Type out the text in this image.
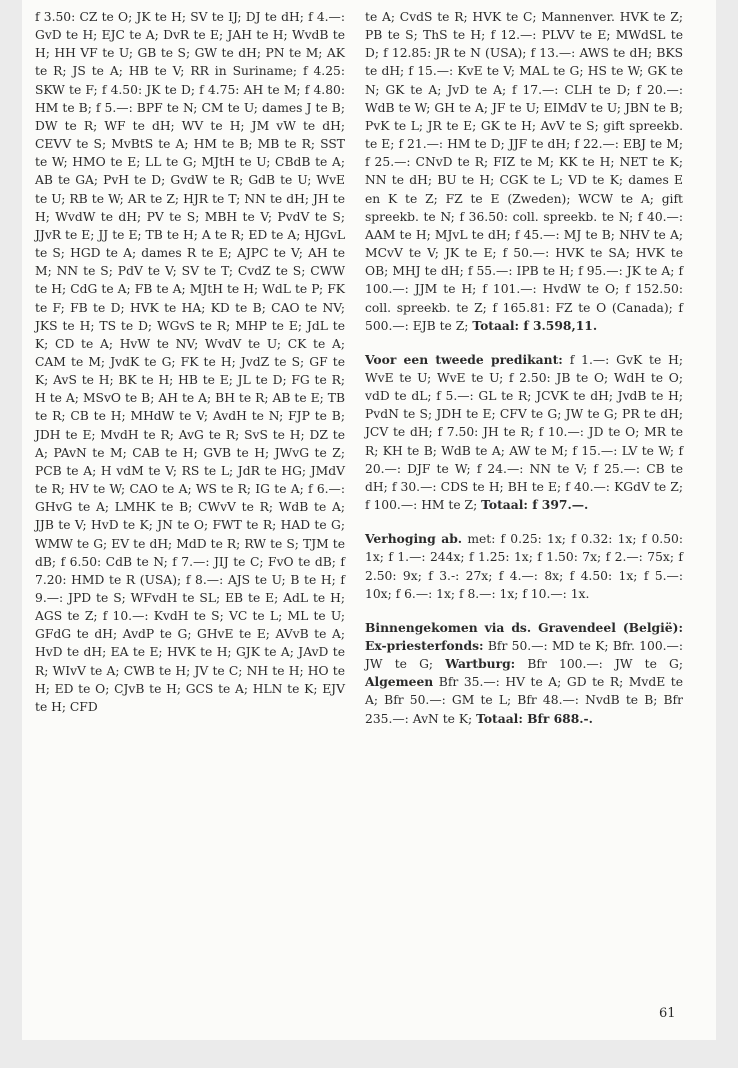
f 3.50: CZ te O; JK te H; SV te IJ; DJ te dH; f 4.—: GvD te H; EJC te A; DvR te E; JAH te H; WvdB te H; HH VF te U; GB te S; GW te dH; PN te M; AK te R; JS te A; HB te V; RR in Suriname; f 4.25: SKW te F; f 4.50: JK te D; f 4.75: AH te M; f 4.80: HM te B; f 5.—: BPF te N; CM te U; dames J te B; DW te R; WF te dH; WV te H; JM vW te dH; CEVV te S; MvBtS te A; HM te B; MB te R; SST te W; HMO te E; LL te G; MJtH te U; CBdB te A; AB te GA; PvH te D; GvdW te R; GdB te U; WvE te U; RB te W; AR te Z; HJR te T; NN te dH; JH te H; WvdW te dH; PV te S; MBH te V; PvdV te S; JJvR te E; JJ te E; TB te H; A te R; ED te A; HJGvL te S; HGD te A; dames R te E; AJPC te V; AH te M; NN te S; PdV te V; SV te T; CvdZ te S; CWW te H; CdG te A; FB te A; MJtH te H; WdL te P; FK te F; FB te D; HVK te HA; KD te B; CAO te NV; JKS te H; TS te D; WGvS te R; MHP te E; JdL te K; CD te A; HvW te NV; WvdV te U; CK te A; CAM te M; JvdK te G; FK te H; JvdZ te S; GF te K; AvS te H; BK te H; HB te E; JL te D; FG te R; H te A; MSvO te B; AH te A; BH te R; AB te E; TB te R; CB te H; MHdW te V; AvdH te N; FJP te B; JDH te E; MvdH te R; AvG te R; SvS te H; DZ te A; PAvN te M; CAB te H; GVB te H; JWvG te Z; PCB te A; H vdM te V; RS te L; JdR te HG; JMdV te R; HV te W; CAO te A; WS te R; IG te A; f 6.—: GHvG te A; LMHK te B; CWvV te R; WdB te A; JJB te V; HvD te K; JN te O; FWT te R; HAD te G; WMW te G; EV te dH; MdD te R; RW te S; TJM te dB; f 6.50: CdB te N; f 7.—: JIJ te C; FvO te dB; f 7.20: HMD te R (USA); f 8.—: AJS te U; B te H; f 9.—: JPD te S; WFvdH te SL; EB te E; AdL te H; AGS te Z; f 10.—: KvdH te S; VC te L; ML te U; GFdG te dH; AvdP te G; GHvE te E; AVvB te A; HvD te dH; EA te E; HVK te H; GJK te A; JAvD te R; WIvV te A; CWB te H; JV te C; NH te H; HO te H; ED te O; CJvB te H; GCS te A; HLN te K; EJV te H; CFD

te A; CvdS te R; HVK te C; Mannenver. HVK te Z; PB te S; ThS te H; f 12.—: PLVV te E; MWdSL te D; f 12.85: JR te N (USA); f 13.—: AWS te dH; BKS te dH; f 15.—: KvE te V; MAL te G; HS te W; GK te N; GK te A; JvD te A; f 17.—: CLH te D; f 20.—: WdB te W; GH te A; JF te U; EIMdV te U; JBN te B; PvK te L; JR te E; GK te H; AvV te S; gift spreekb. te E; f 21.—: HM te D; JJF te dH; f 22.—: EBJ te M; f 25.—: CNvD te R; FIZ te M; KK te H; NET te K; NN te dH; BU te H; CGK te L; VD te K; dames E en K te Z; FZ te E (Zweden); WCW te A; gift spreekb. te N; f 36.50: coll. spreekb. te N; f 40.—: AAM te H; MJvL te dH; f 45.—: MJ te B; NHV te A; MCvV te V; JK te E; f 50.—: HVK te SA; HVK te OB; MHJ te dH; f 55.—: IPB te H; f 95.—: JK te A; f 100.—: JJM te H; f 101.—: HvdW te O; f 152.50: coll. spreekb. te Z; f 165.81: FZ te O (Canada); f 500.—: EJB te Z; Totaal: f 3.598,11.

Voor een tweede predikant: f 1.—: GvK te H; WvE te U; WvE te U; f 2.50: JB te O; WdH te O; vdD te dL; f 5.—: GL te R; JCVK te dH; JvdB te H; PvdN te S; JDH te E; CFV te G; JW te G; PR te dH; JCV te dH; f 7.50: JH te R; f 10.—: JD te O; MR te R; KH te B; WdB te A; AW te M; f 15.—: LV te W; f 20.—: DJF te W; f 24.—: NN te V; f 25.—: CB te dH; f 30.—: CDS te H; BH te E; f 40.—: KGdV te Z; f 100.—: HM te Z; Totaal: f 397.—.

Verhoging ab. met: f 0.25: 1x; f 0.32: 1x; f 0.50: 1x; f 1.—: 244x; f 1.25: 1x; f 1.50: 7x; f 2.—: 75x; f 2.50: 9x; f 3.-: 27x; f 4.—: 8x; f 4.50: 1x; f 5.—: 10x; f 6.—: 1x; f 8.—: 1x; f 10.—: 1x.

Binnengekomen via ds. Gravendeel (België): Ex-priesterfonds: Bfr 50.—: MD te K; Bfr. 100.—: JW te G; Wartburg: Bfr 100.—: JW te G; Algemeen Bfr 35.—: HV te A; GD te R; MvdE te A; Bfr 50.—: GM te L; Bfr 48.—: NvdB te B; Bfr 235.—: AvN te K; Totaal: Bfr 688.-.

61
